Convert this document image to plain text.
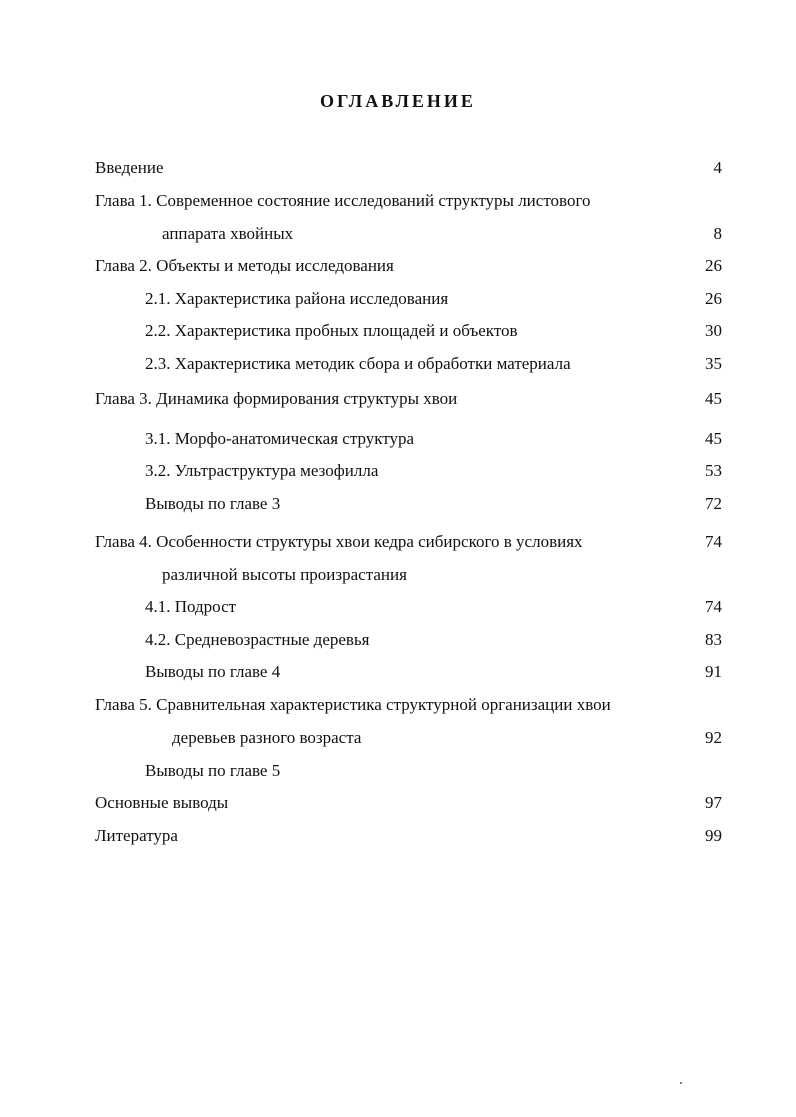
ОГЛАВЛЕНИЕ
Введение	4
Глава 1. Современное состояние исследований структуры листового
аппарата хвойных	8
Глава 2. Объекты и методы исследования	26
2.1. Характеристика района исследования	26
2.2. Характеристика пробных площадей и объектов	30
2.3. Характеристика методик сбора и обработки материала	35
Глава 3. Динамика формирования структуры хвои	45
3.1. Морфо-анатомическая структура	45
3.2. Ультраструктура мезофилла	53
Выводы по главе 3	72
Глава 4. Особенности структуры хвои кедра сибирского в условиях	74
различной высоты произрастания
4.1. Подрост	74
4.2. Средневозрастные деревья	83
Выводы по главе 4	91
Глава 5. Сравнительная характеристика структурной организации хвои
деревьев разного возраста	92
Выводы по главе 5
Основные выводы	97
Литература	99
